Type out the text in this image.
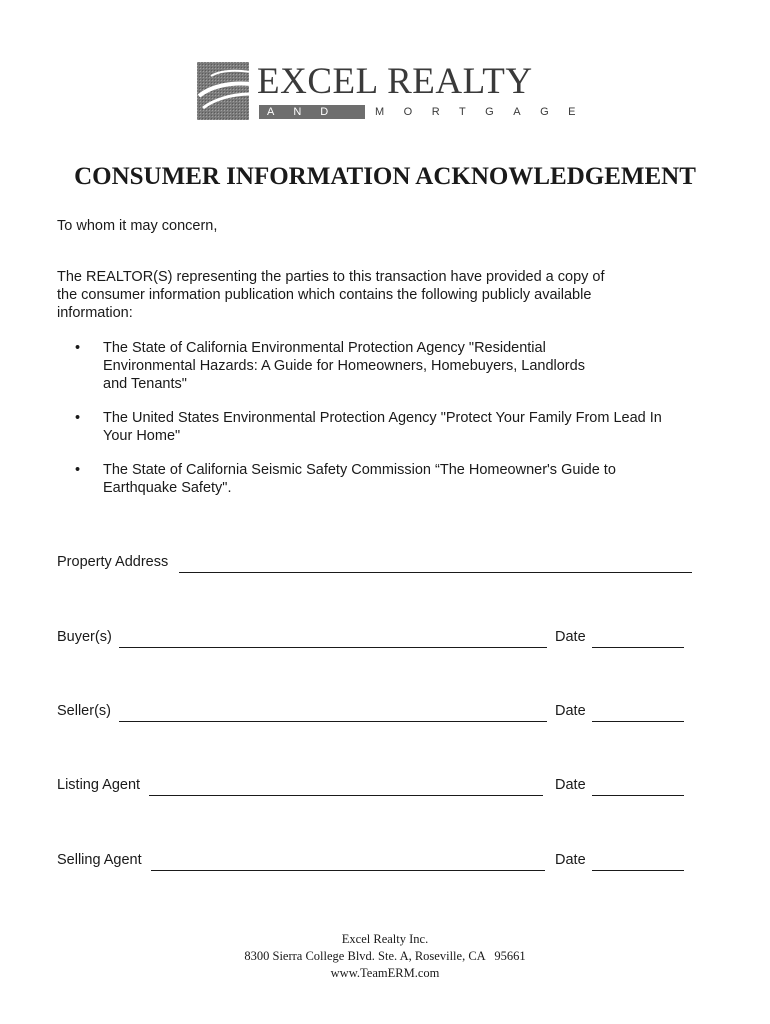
EXCEL REALTY
AND	MORTGAGE
CONSUMER INFORMATION ACKNOWLEDGEMENT
To whom it may concern,
The REALTOR(S) representing the parties to this transaction have provided a copy of
the consumer information publication which contains the following publicly available
information:
• The State of California Environmental Protection Agency "Residential
Environmental Hazards: A Guide for Homeowners, Homebuyers, Landlords
and Tenants"
• The United States Environmental Protection Agency "Protect Your Family From Lead In
Your Home"
• The State of California Seismic Safety Commission “The Homeowner's Guide to
Earthquake Safety".
Property Address
Buyer(s)	Date
Seller(s)	Date
Listing Agent	Date
Selling Agent	Date
Excel Realty Inc.
8300 Sierra College Blvd. Ste. A, Roseville, CA   95661
www.TeamERM.com
